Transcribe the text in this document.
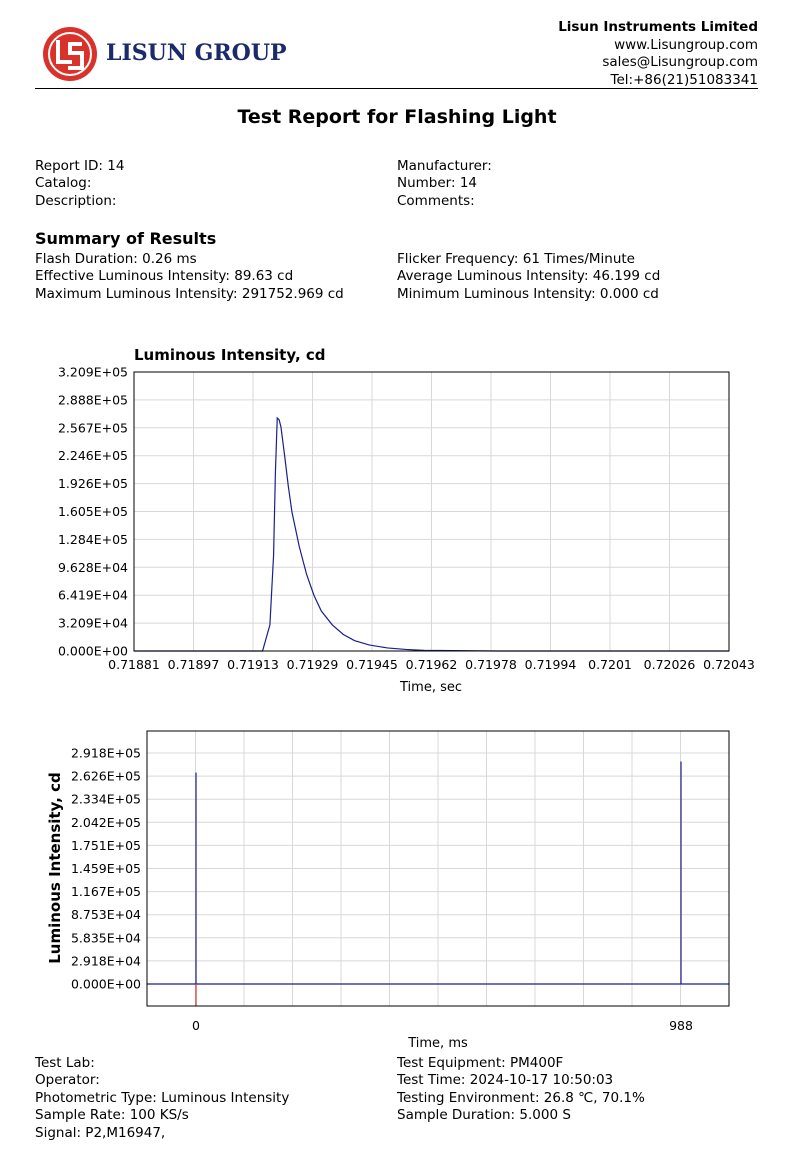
LISUN GROUP
Lisun Instruments Limited
www.Lisungroup.com
sales@Lisungroup.com
Tel:+86(21)51083341
Test Report for Flashing Light
Report ID: 14
Catalog:
Description:
Manufacturer:
Number: 14
Comments:
Summary of Results
Flash Duration: 0.26 ms
Effective Luminous Intensity: 89.63 cd
Maximum Luminous Intensity: 291752.969 cd
Flicker Frequency: 61 Times/Minute
Average Luminous Intensity: 46.199 cd
Minimum Luminous Intensity: 0.000 cd
Luminous Intensity, cd
0.000E+00
3.209E+04
6.419E+04
9.628E+04
1.284E+05
1.605E+05
1.926E+05
2.246E+05
2.567E+05
2.888E+05
3.209E+05
0.71881 0.71897 0.71913 0.71929 0.71945 0.71962 0.71978 0.71994 0.7201 0.72026 0.72043
Time, sec
0.000E+00
2.918E+04
5.835E+04
8.753E+04
1.167E+05
1.459E+05
1.751E+05
2.042E+05
2.334E+05
2.626E+05
2.918E+05
0	988
Luminous Intensity, cd
Time, ms
Test Lab:
Operator:
Photometric Type: Luminous Intensity
Sample Rate: 100 KS/s
Signal: P2,M16947,
Test Equipment: PM400F
Test Time: 2024-10-17 10:50:03
Testing Environment: 26.8 ℃, 70.1%
Sample Duration: 5.000 S
